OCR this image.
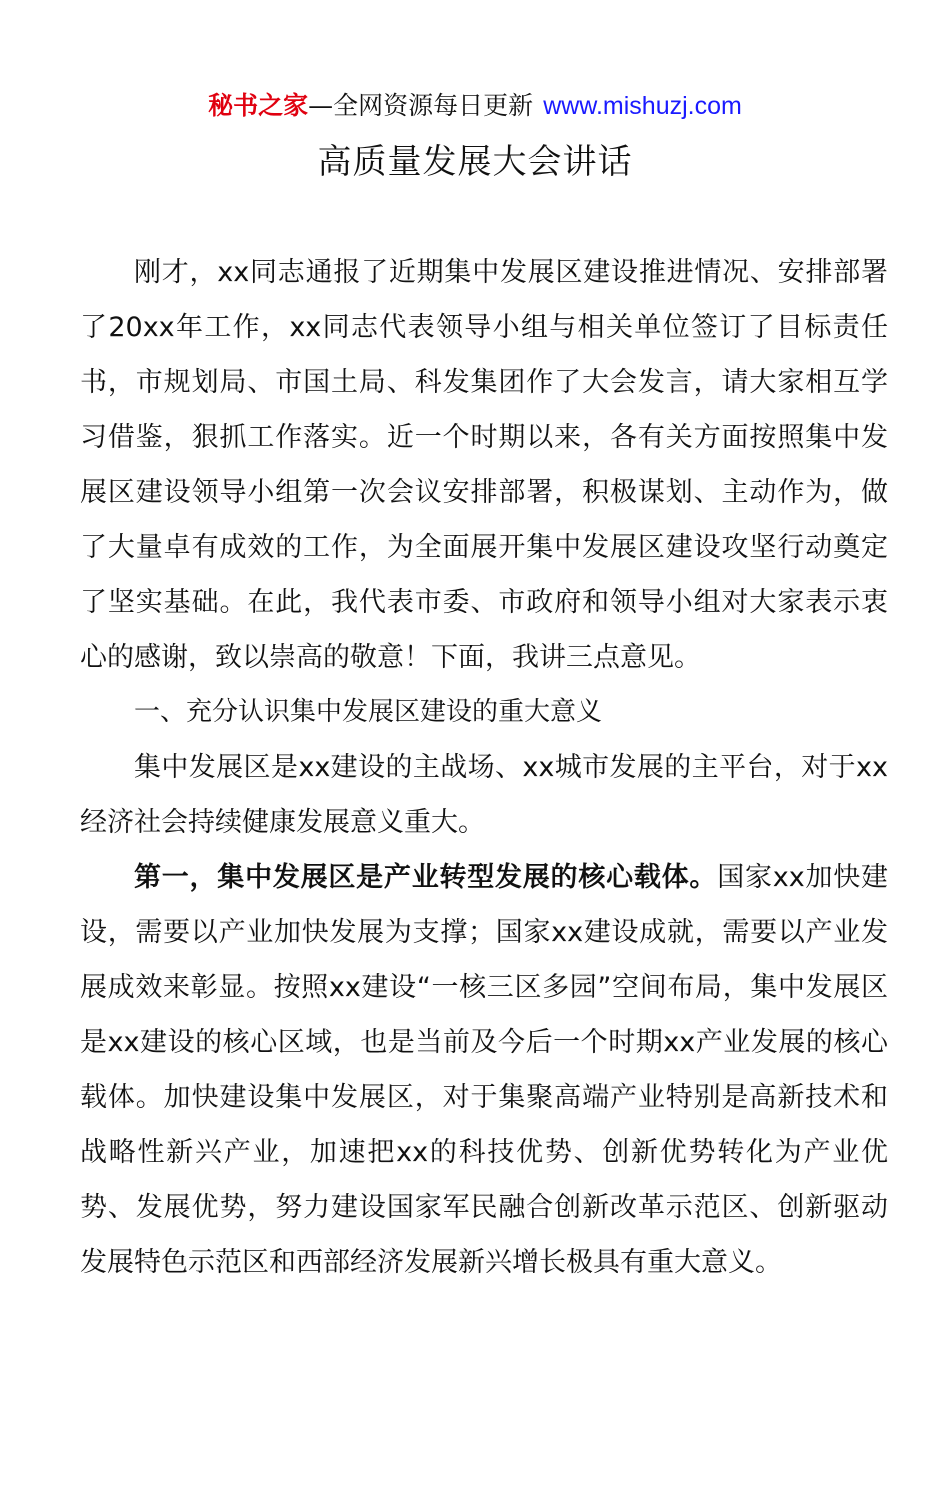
秘书之家—全网资源每日更新 www.mishuzj.com
高质量发展大会讲话

刚才，xx同志通报了近期集中发展区建设推进情况、安排部署了20xx年工作，xx同志代表领导小组与相关单位签订了目标责任书，市规划局、市国土局、科发集团作了大会发言，请大家相互学习借鉴，狠抓工作落实。近一个时期以来，各有关方面按照集中发展区建设领导小组第一次会议安排部署，积极谋划、主动作为，做了大量卓有成效的工作，为全面展开集中发展区建设攻坚行动奠定了坚实基础。在此，我代表市委、市政府和领导小组对大家表示衷心的感谢，致以崇高的敬意！下面，我讲三点意见。

一、充分认识集中发展区建设的重大意义

集中发展区是xx建设的主战场、xx城市发展的主平台，对于xx经济社会持续健康发展意义重大。

第一，集中发展区是产业转型发展的核心载体。国家xx加快建设，需要以产业加快发展为支撑；国家xx建设成就，需要以产业发展成效来彰显。按照xx建设“一核三区多园”空间布局，集中发展区是xx建设的核心区域，也是当前及今后一个时期xx产业发展的核心载体。加快建设集中发展区，对于集聚高端产业特别是高新技术和战略性新兴产业，加速把xx的科技优势、创新优势转化为产业优势、发展优势，努力建设国家军民融合创新改革示范区、创新驱动发展特色示范区和西部经济发展新兴增长极具有重大意义。
